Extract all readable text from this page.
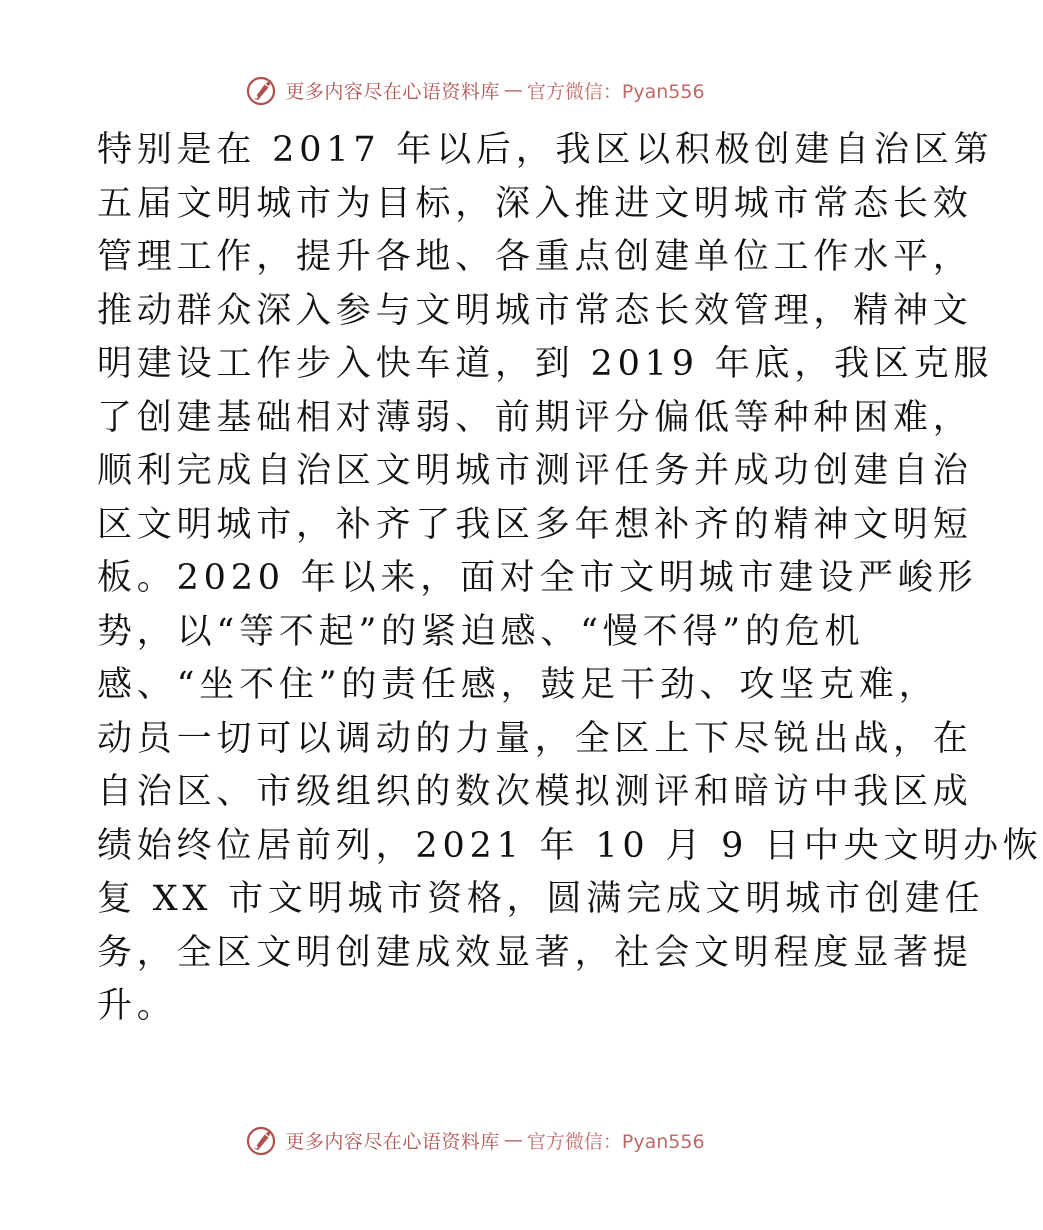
更多内容尽在心语资料库 — 官方微信：Pyan556
特别是在 2017 年以后，我区以积极创建自治区第
五届文明城市为目标，深入推进文明城市常态长效
管理工作，提升各地、各重点创建单位工作水平，
推动群众深入参与文明城市常态长效管理，精神文
明建设工作步入快车道，到 2019 年底，我区克服
了创建基础相对薄弱、前期评分偏低等种种困难，
顺利完成自治区文明城市测评任务并成功创建自治
区文明城市，补齐了我区多年想补齐的精神文明短
板。2020 年以来，面对全市文明城市建设严峻形
势，以“等不起”的紧迫感、“慢不得”的危机
感、“坐不住”的责任感，鼓足干劲、攻坚克难，
动员一切可以调动的力量，全区上下尽锐出战，在
自治区、市级组织的数次模拟测评和暗访中我区成
绩始终位居前列，2021 年 10 月 9 日中央文明办恢
复 XX 市文明城市资格，圆满完成文明城市创建任
务，全区文明创建成效显著，社会文明程度显著提
升。
更多内容尽在心语资料库 — 官方微信：Pyan556
